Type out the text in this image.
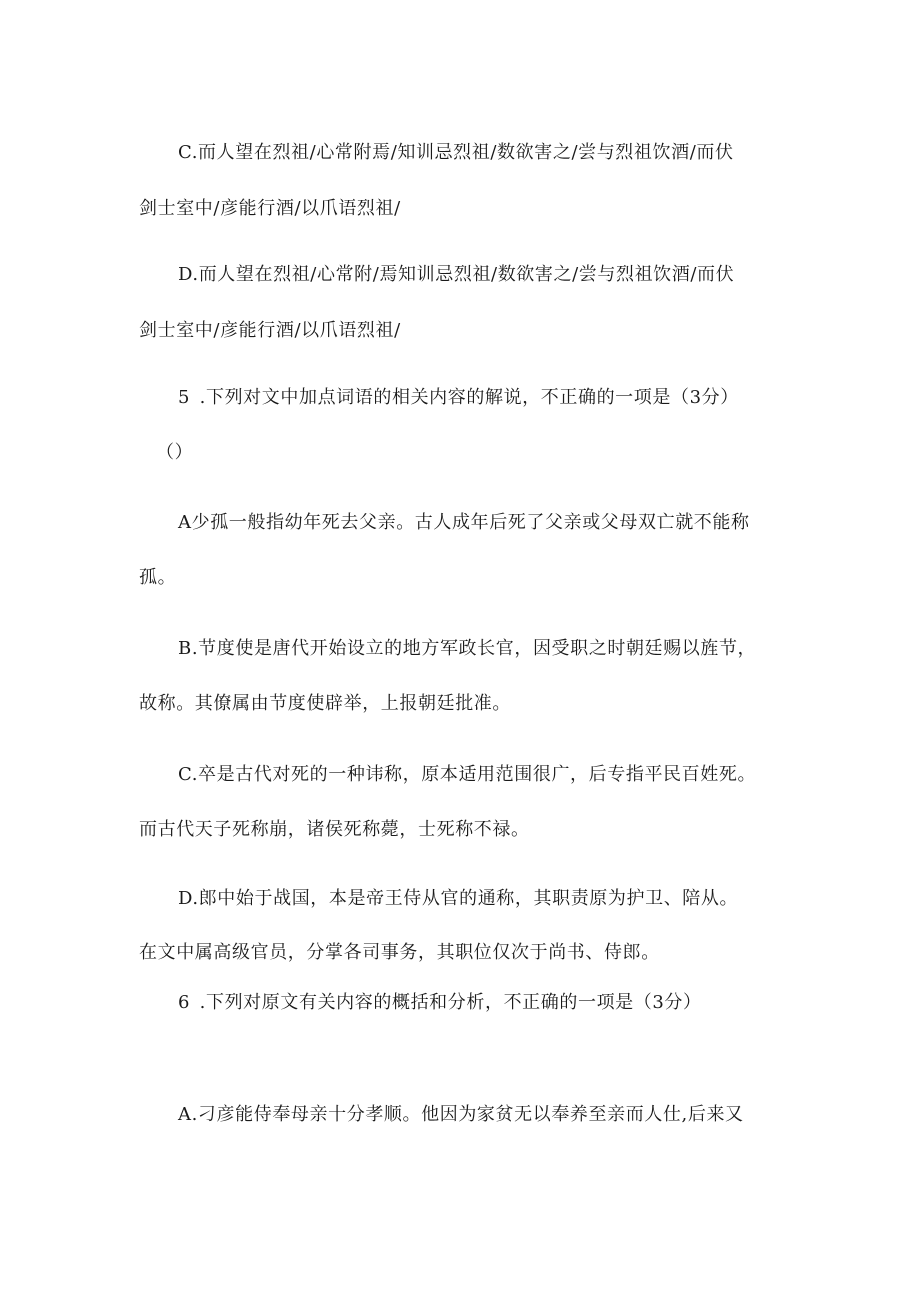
C.而人望在烈祖/心常附焉/知训忌烈祖/数欲害之/尝与烈祖饮酒/而伏
剑士室中/彦能行酒/以爪语烈祖/
D.而人望在烈祖/心常附/焉知训忌烈祖/数欲害之/尝与烈祖饮酒/而伏
剑士室中/彦能行酒/以爪语烈祖/
5 .下列对文中加点词语的相关内容的解说，不正确的一项是（3分）
（）
A少孤一般指幼年死去父亲。古人成年后死了父亲或父母双亡就不能称
孤。
B.节度使是唐代开始设立的地方军政长官，因受职之时朝廷赐以旌节，
故称。其僚属由节度使辟举，上报朝廷批准。
C.卒是古代对死的一种讳称，原本适用范围很广，后专指平民百姓死。
而古代天子死称崩，诸侯死称薨，士死称不禄。
D.郎中始于战国，本是帝王侍从官的通称，其职责原为护卫、陪从。
在文中属高级官员，分掌各司事务，其职位仅次于尚书、侍郎。
6 .下列对原文有关内容的概括和分析，不正确的一项是（3分）
A.刁彦能侍奉母亲十分孝顺。他因为家贫无以奉养至亲而人仕,后来又
